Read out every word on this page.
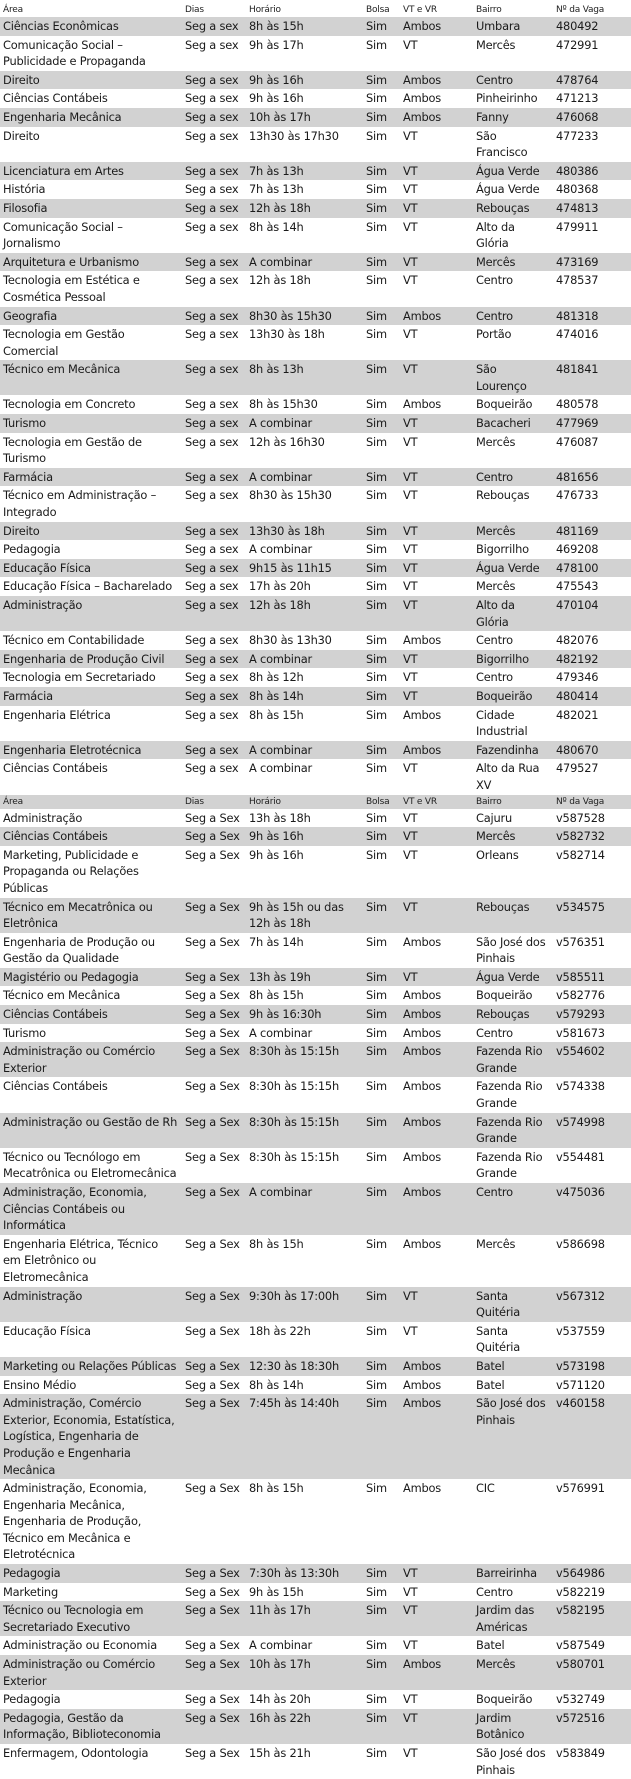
Área	Dias	Horário	Bolsa	VT e VR	Bairro	Nº da Vaga
Ciências Econômicas	Seg a sex	8h às 15h	Sim	Ambos	Umbara	480492
Comunicação Social – Publicidade e Propaganda	Seg a sex	9h às 17h	Sim	VT	Mercês	472991
Direito	Seg a sex	9h às 16h	Sim	Ambos	Centro	478764
Ciências Contábeis	Seg a sex	9h às 16h	Sim	Ambos	Pinheirinho	471213
Engenharia Mecânica	Seg a sex	10h às 17h	Sim	Ambos	Fanny	476068
Direito	Seg a sex	13h30 às 17h30	Sim	VT	São Francisco	477233
Licenciatura em Artes	Seg a sex	7h às 13h	Sim	VT	Água Verde	480386
História	Seg a sex	7h às 13h	Sim	VT	Água Verde	480368
Filosofia	Seg a sex	12h às 18h	Sim	VT	Rebouças	474813
Comunicação Social – Jornalismo	Seg a sex	8h às 14h	Sim	VT	Alto da Glória	479911
Arquitetura e Urbanismo	Seg a sex	A combinar	Sim	VT	Mercês	473169
Tecnologia em Estética e Cosmética Pessoal	Seg a sex	12h às 18h	Sim	VT	Centro	478537
Geografia	Seg a sex	8h30 às 15h30	Sim	Ambos	Centro	481318
Tecnologia em Gestão Comercial	Seg a sex	13h30 às 18h	Sim	VT	Portão	474016
Técnico em Mecânica	Seg a sex	8h às 13h	Sim	VT	São Lourenço	481841
Tecnologia em Concreto	Seg a sex	8h às 15h30	Sim	Ambos	Boqueirão	480578
Turismo	Seg a sex	A combinar	Sim	VT	Bacacheri	477969
Tecnologia em Gestão de Turismo	Seg a sex	12h às 16h30	Sim	VT	Mercês	476087
Farmácia	Seg a sex	A combinar	Sim	VT	Centro	481656
Técnico em Administração – Integrado	Seg a sex	8h30 às 15h30	Sim	VT	Rebouças	476733
Direito	Seg a sex	13h30 às 18h	Sim	VT	Mercês	481169
Pedagogia	Seg a sex	A combinar	Sim	VT	Bigorrilho	469208
Educação Física	Seg a sex	9h15 às 11h15	Sim	VT	Água Verde	478100
Educação Física – Bacharelado	Seg a sex	17h às 20h	Sim	VT	Mercês	475543
Administração	Seg a sex	12h às 18h	Sim	VT	Alto da Glória	470104
Técnico em Contabilidade	Seg a sex	8h30 às 13h30	Sim	Ambos	Centro	482076
Engenharia de Produção Civil	Seg a sex	A combinar	Sim	VT	Bigorrilho	482192
Tecnologia em Secretariado	Seg a sex	8h às 12h	Sim	VT	Centro	479346
Farmácia	Seg a sex	8h às 14h	Sim	VT	Boqueirão	480414
Engenharia Elétrica	Seg a sex	8h às 15h	Sim	Ambos	Cidade Industrial	482021
Engenharia Eletrotécnica	Seg a sex	A combinar	Sim	Ambos	Fazendinha	480670
Ciências Contábeis	Seg a sex	A combinar	Sim	VT	Alto da Rua XV	479527
Área	Dias	Horário	Bolsa	VT e VR	Bairro	Nº da Vaga
Administração	Seg a Sex	13h às 18h	Sim	VT	Cajuru	v587528
Ciências Contábeis	Seg a Sex	9h às 16h	Sim	VT	Mercês	v582732
Marketing, Publicidade e Propaganda ou Relações Públicas	Seg a Sex	9h às 16h	Sim	VT	Orleans	v582714
Técnico em Mecatrônica ou Eletrônica	Seg a Sex	9h às 15h ou das 12h às 18h	Sim	VT	Rebouças	v534575
Engenharia de Produção ou Gestão da Qualidade	Seg a Sex	7h às 14h	Sim	Ambos	São José dos Pinhais	v576351
Magistério ou Pedagogia	Seg a Sex	13h às 19h	Sim	VT	Água Verde	v585511
Técnico em Mecânica	Seg a Sex	8h às 15h	Sim	Ambos	Boqueirão	v582776
Ciências Contábeis	Seg a Sex	9h às 16:30h	Sim	Ambos	Rebouças	v579293
Turismo	Seg a Sex	A combinar	Sim	Ambos	Centro	v581673
Administração ou Comércio Exterior	Seg a Sex	8:30h às 15:15h	Sim	Ambos	Fazenda Rio Grande	v554602
Ciências Contábeis	Seg a Sex	8:30h às 15:15h	Sim	Ambos	Fazenda Rio Grande	v574338
Administração ou Gestão de Rh	Seg a Sex	8:30h às 15:15h	Sim	Ambos	Fazenda Rio Grande	v574998
Técnico ou Tecnólogo em Mecatrônica ou Eletromecânica	Seg a Sex	8:30h às 15:15h	Sim	Ambos	Fazenda Rio Grande	v554481
Administração, Economia, Ciências Contábeis ou Informática	Seg a Sex	A combinar	Sim	Ambos	Centro	v475036
Engenharia Elétrica, Técnico em Eletrônico ou Eletromecânica	Seg a Sex	8h às 15h	Sim	Ambos	Mercês	v586698
Administração	Seg a Sex	9:30h às 17:00h	Sim	VT	Santa Quitéria	v567312
Educação Física	Seg a Sex	18h às 22h	Sim	VT	Santa Quitéria	v537559
Marketing ou Relações Públicas	Seg a Sex	12:30 às 18:30h	Sim	Ambos	Batel	v573198
Ensino Médio	Seg a Sex	8h às 14h	Sim	Ambos	Batel	v571120
Administração, Comércio Exterior, Economia, Estatística, Logística, Engenharia de Produção e Engenharia Mecânica	Seg a Sex	7:45h às 14:40h	Sim	Ambos	São José dos Pinhais	v460158
Administração, Economia, Engenharia Mecânica, Engenharia de Produção, Técnico em Mecânica e Eletrotécnica	Seg a Sex	8h às 15h	Sim	Ambos	CIC	v576991
Pedagogia	Seg a Sex	7:30h às 13:30h	Sim	VT	Barreirinha	v564986
Marketing	Seg a Sex	9h às 15h	Sim	VT	Centro	v582219
Técnico ou Tecnologia em Secretariado Executivo	Seg a Sex	11h às 17h	Sim	VT	Jardim das Américas	v582195
Administração ou Economia	Seg a Sex	A combinar	Sim	VT	Batel	v587549
Administração ou Comércio Exterior	Seg a Sex	10h às 17h	Sim	Ambos	Mercês	v580701
Pedagogia	Seg a Sex	14h às 20h	Sim	VT	Boqueirão	v532749
Pedagogia, Gestão da Informação, Biblioteconomia	Seg a Sex	16h às 22h	Sim	VT	Jardim Botânico	v572516
Enfermagem, Odontologia	Seg a Sex	15h às 21h	Sim	VT	São José dos Pinhais	v583849
